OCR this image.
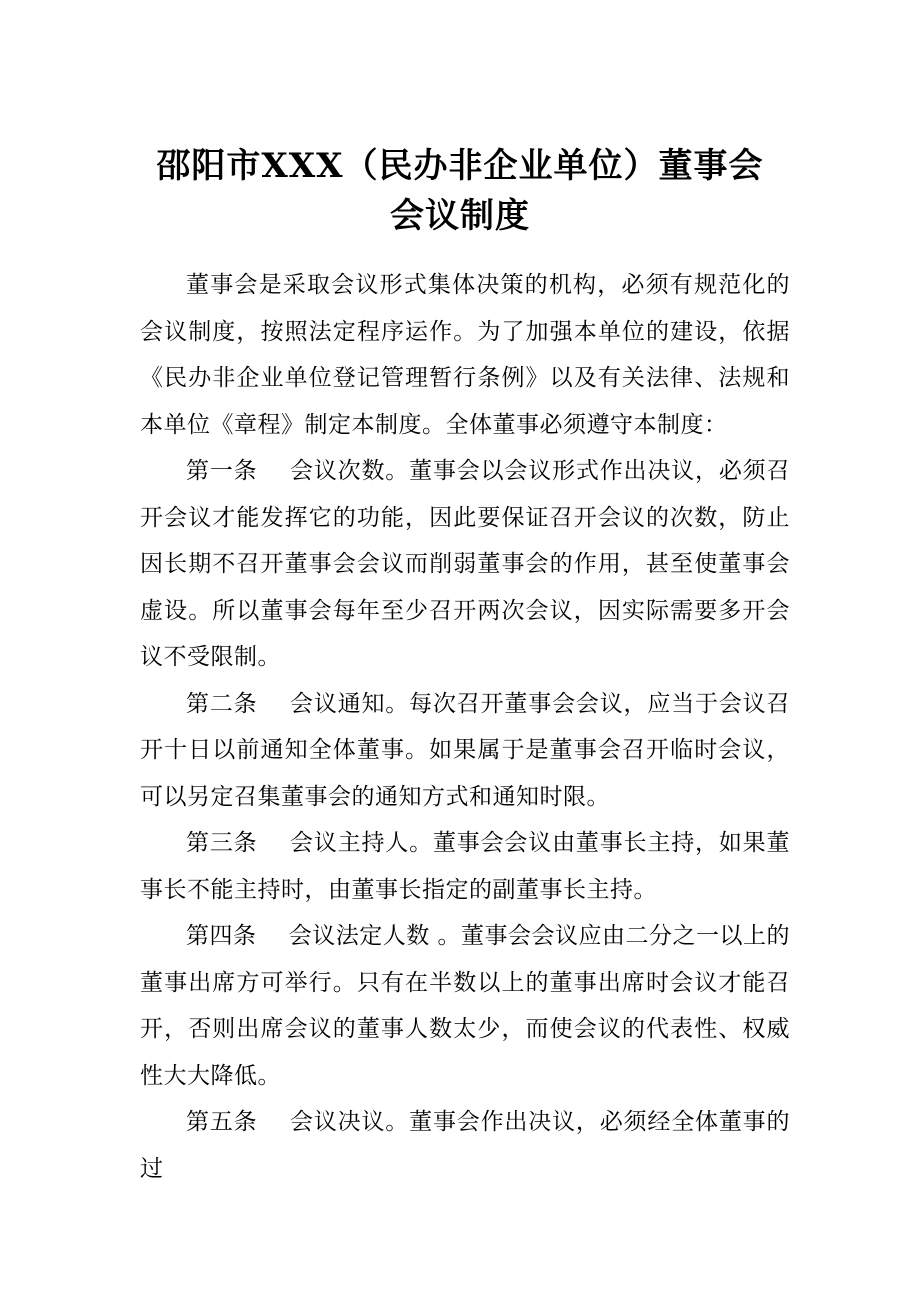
邵阳市XXX（民办非企业单位）董事会
会议制度

董事会是采取会议形式集体决策的机构，必须有规范化的会议制度，按照法定程序运作。为了加强本单位的建设，依据《民办非企业单位登记管理暂行条例》以及有关法律、法规和本单位《章程》制定本制度。全体董事必须遵守本制度：

第一条 会议次数。董事会以会议形式作出决议，必须召开会议才能发挥它的功能，因此要保证召开会议的次数，防止因长期不召开董事会会议而削弱董事会的作用，甚至使董事会虚设。所以董事会每年至少召开两次会议，因实际需要多开会议不受限制。

第二条 会议通知。每次召开董事会会议，应当于会议召开十日以前通知全体董事。如果属于是董事会召开临时会议，可以另定召集董事会的通知方式和通知时限。

第三条 会议主持人。董事会会议由董事长主持，如果董事长不能主持时，由董事长指定的副董事长主持。

第四条 会议法定人数 。董事会会议应由二分之一以上的董事出席方可举行。只有在半数以上的董事出席时会议才能召开，否则出席会议的董事人数太少，而使会议的代表性、权威性大大降低。

第五条 会议决议。董事会作出决议，必须经全体董事的过
